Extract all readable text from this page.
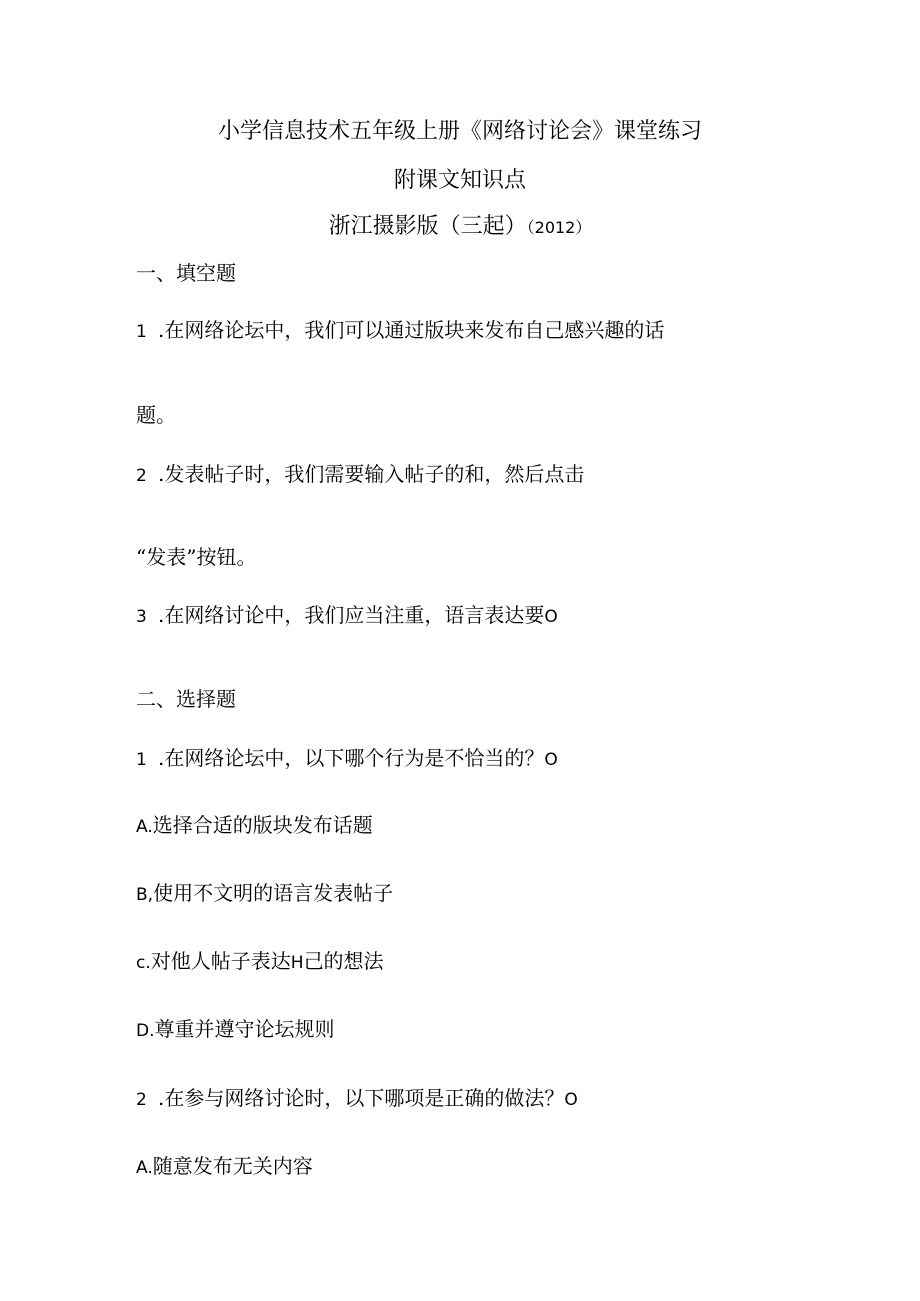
小学信息技术五年级上册《网络讨论会》课堂练习
附课文知识点
浙江摄影版（三起）（2012）
一、填空题
1 .在网络论坛中，我们可以通过版块来发布自己感兴趣的话
题。
2 .发表帖子时，我们需要输入帖子的和，然后点击
“发表”按钮。
3 .在网络讨论中，我们应当注重，语言表达要O
二、选择题
1 .在网络论坛中，以下哪个行为是不恰当的？O
A.选择合适的版块发布话题
B,使用不文明的语言发表帖子
c.对他人帖子表达H己的想法
D.尊重并遵守论坛规则
2 .在参与网络讨论时，以下哪项是正确的做法？O
A.随意发布无关内容
